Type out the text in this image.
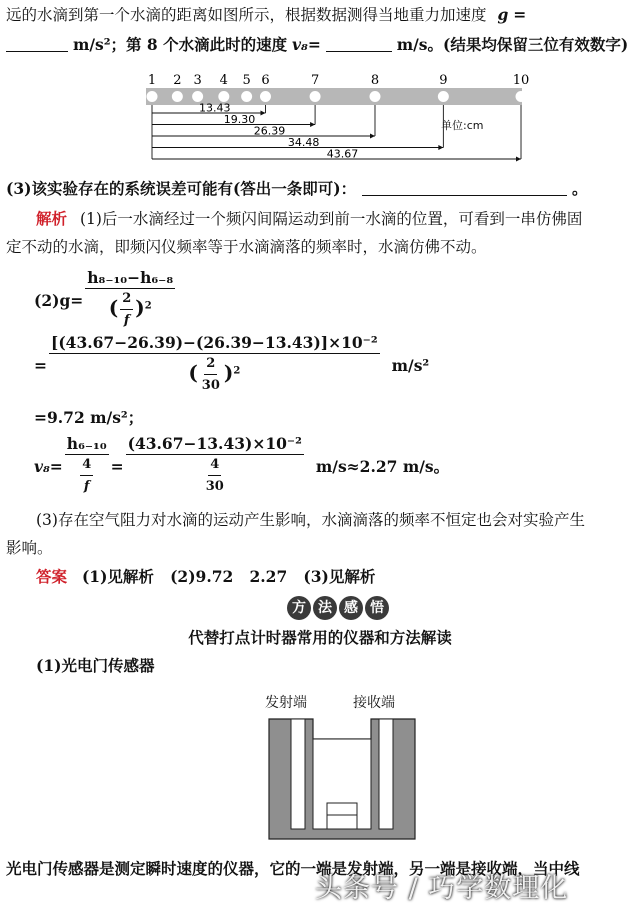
远的水滴到第一个水滴的距离如图所示，根据数据测得当地重力加速度 g =
m/s²；第 8 个水滴此时的速度 v₈=	m/s。(结果均保留三位有效数字)
1 2 3 4 5 6	7	8	9	10
13.43
19.30
26.39
34.48
43.67
单位:cm
(3)该实验存在的系统误差可能有(答出一条即可)：	。
解析 (1)后一水滴经过一个频闪间隔运动到前一水滴的位置，可看到一串仿佛固
定不动的水滴，即频闪仪频率等于水滴滴落的频率时，水滴仿佛不动。
$(2)g= \frac{\text{h₈₋₁₀−h₆₋₈}}{( \frac{2}{f} )^2}$
= $\frac{\text{[(43.67−26.39)−(26.39−13.43)]×10⁻²}}{( \frac{2}{30} )^2} m/s^2$
=9.72 m/s²；
$v_8= \frac{\text{h₆₋₁₀}}{\frac{4}{f}} = \frac{\text{(43.67−13.43)×10⁻²}}{\frac{4}{30}} m/s\approx 2.27$ m/s。
(3)存在空气阻力对水滴的运动产生影响，水滴滴落的频率不恒定也会对实验产生
影响。
答案 (1)见解析   (2)9.72   2.27   (3)见解析
方 法 感 悟
代替打点计时器常用的仪器和方法解读
(1)光电门传感器
发射端	接收端
光电门传感器是测定瞬时速度的仪器，它的一端是发射端，另一端是接收端，当中线
头条号 / 巧学数理化
